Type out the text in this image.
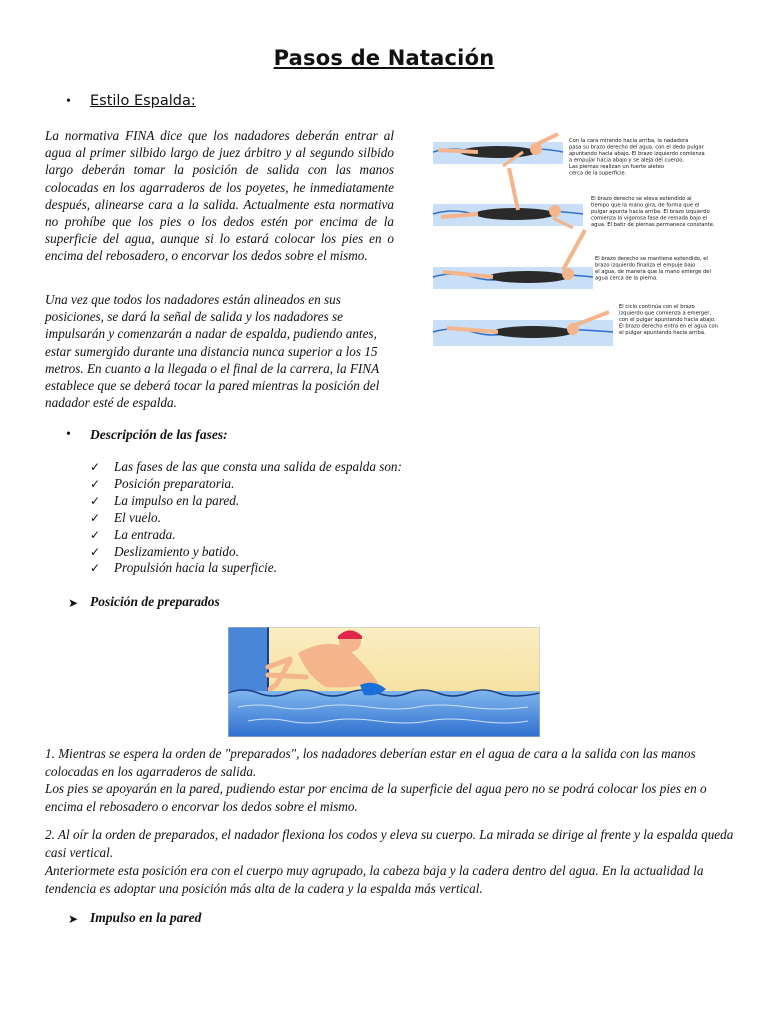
Pasos de Natación
• Estilo Espalda:
La normativa FINA dice que los nadadores deberán entrar al agua al primer silbido largo de juez árbitro y al segundo silbido largo deberán tomar la posición de salida con las manos colocadas en los agarraderos de los poyetes, he inmediatamente después, alinearse cara a la salida. Actualmente esta normativa no prohíbe que los pies o los dedos estén por encima de la superficie del agua, aunque si lo estará colocar los pies en o encima del rebosadero, o encorvar los dedos sobre el mismo.
Una vez que todos los nadadores están alineados en sus posiciones, se dará la señal de salida y los nadadores se impulsarán y comenzarán a nadar de espalda, pudiendo antes, estar sumergido durante una distancia nunca superior a los 15 metros. En cuanto a la llegada o el final de la carrera, la FINA establece que se deberá tocar la pared mientras la posición del nadador esté de espalda.
Con la cara mirando hacia arriba, la nadadora pasa su brazo derecho del agua, con el dedo pulgar apuntando hacia abajo. El brazo izquierdo comienza a empujar hacia abajo y se aleja del cuerpo. Las piernas realizan un fuerte aleteo cerca de la superficie.
El brazo derecho se eleva extendido al tiempo que la mano gira, de forma que el pulgar apunta hacia arriba. El brazo izquierdo comienza la vigorosa fase de remada bajo el agua. El batir de piernas permanece constante.
El brazo derecho se mantiene extendido, el brazo izquierdo finaliza el empuje bajo el agua, de manera que la mano emerge del agua cerca de la pierna.
El ciclo continúa con el brazo izquierdo que comienza a emerger, con el pulgar apuntando hacia abajo. El brazo derecho entra en el agua con el pulgar apuntando hacia arriba.
• Descripción de las fases:
✓ Las fases de las que consta una salida de espalda son:
✓ Posición preparatoria.
✓ La impulso en la pared.
✓ El vuelo.
✓ La entrada.
✓ Deslizamiento y batido.
✓ Propulsión hacia la superficie.
➤ Posición de preparados
1. Mientras se espera la orden de "preparados", los nadadores deberían estar en el agua de cara a la salida con las manos colocadas en los agarraderos de salida.
Los pies se apoyarán en la pared, pudiendo estar por encima de la superficie del agua pero no se podrá colocar los pies en o encima el rebosadero o encorvar los dedos sobre el mismo.
2. Al oír la orden de preparados, el nadador flexiona los codos y eleva su cuerpo. La mirada se dirige al frente y la espalda queda casi vertical.
Anteriormete esta posición era con el cuerpo muy agrupado, la cabeza baja y la cadera dentro del agua. En la actualidad la tendencia es adoptar una posición más alta de la cadera y la espalda más vertical.
➤ Impulso en la pared
